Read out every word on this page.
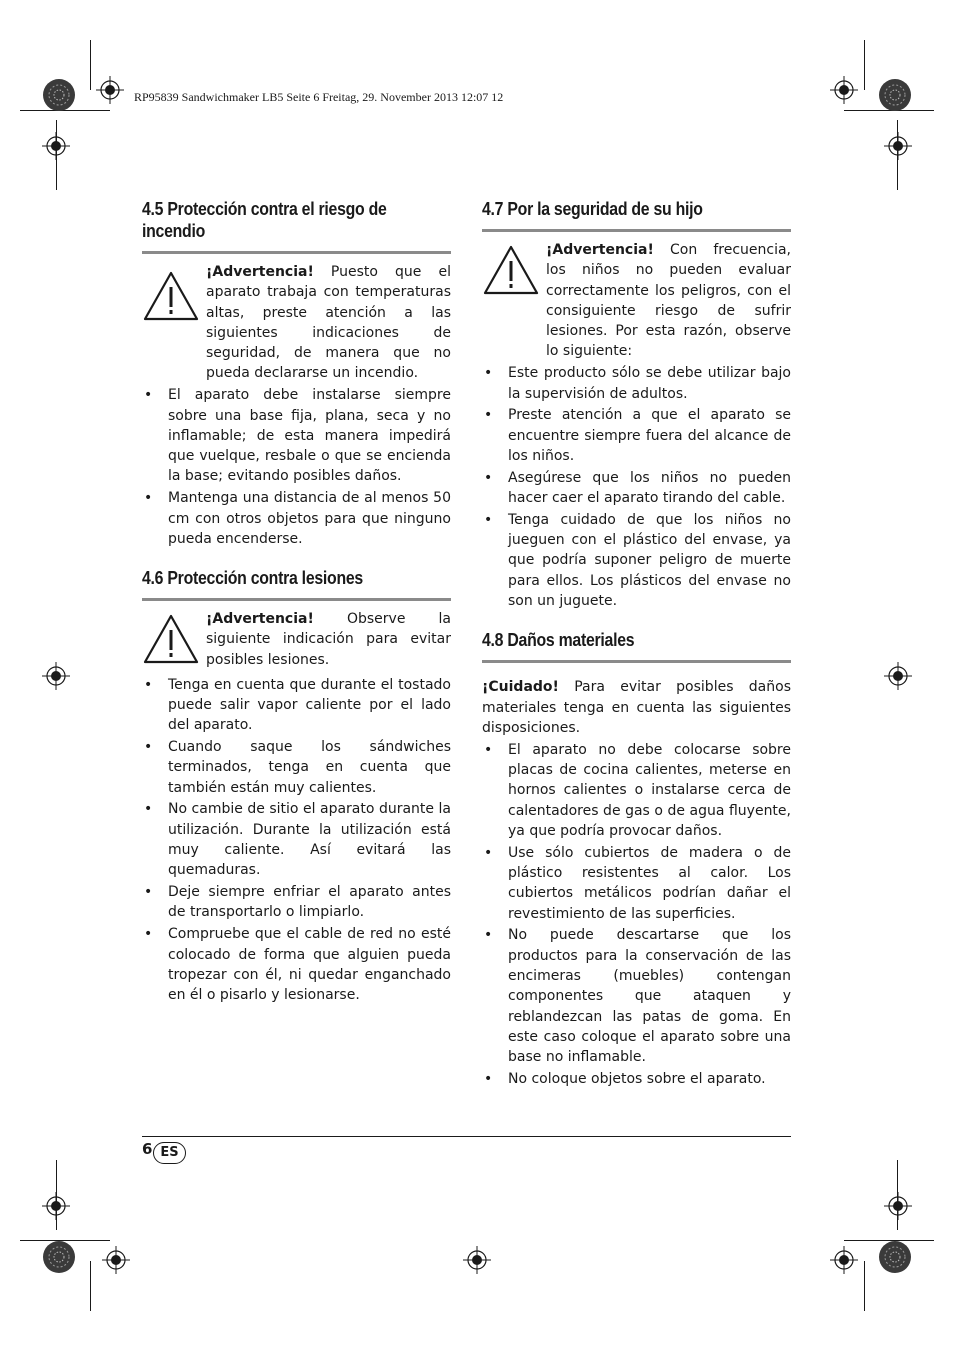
RP95839 Sandwichmaker LB5 Seite 6 Freitag, 29. November 2013 12:07 12
4.5 Protección contra el riesgo de incendio

¡Advertencia! Puesto que el aparato trabaja con temperaturas altas, preste atención a las siguientes indicaciones de seguridad, de manera que no pueda declararse un incendio.

• El aparato debe instalarse siempre sobre una base fija, plana, seca y no inflamable; de esta manera impedirá que vuelque, resbale o que se encienda la base; evitando posibles daños.
• Mantenga una distancia de al menos 50 cm con otros objetos para que ninguno pueda encenderse.
4.6 Protección contra lesiones

¡Advertencia! Observe la siguiente indicación para evitar posibles lesiones.

• Tenga en cuenta que durante el tostado puede salir vapor caliente por el lado del aparato.
• Cuando saque los sándwiches terminados, tenga en cuenta que también están muy calientes.
• No cambie de sitio el aparato durante la utilización. Durante la utilización está muy caliente. Así evitará las quemaduras.
• Deje siempre enfriar el aparato antes de transportarlo o limpiarlo.
• Compruebe que el cable de red no esté colocado de forma que alguien pueda tropezar con él, ni quedar enganchado en él o pisarlo y lesionarse.
4.7 Por la seguridad de su hijo

¡Advertencia! Con frecuencia, los niños no pueden evaluar correctamente los peligros, con el consiguiente riesgo de sufrir lesiones. Por esta razón, observe lo siguiente:

• Este producto sólo se debe utilizar bajo la supervisión de adultos.
• Preste atención a que el aparato se encuentre siempre fuera del alcance de los niños.
• Asegúrese que los niños no pueden hacer caer el aparato tirando del cable.
• Tenga cuidado de que los niños no jueguen con el plástico del envase, ya que podría suponer peligro de muerte para ellos. Los plásticos del envase no son un juguete.
4.8 Daños materiales

¡Cuidado! Para evitar posibles daños materiales tenga en cuenta las siguientes disposiciones.

• El aparato no debe colocarse sobre placas de cocina calientes, meterse en hornos calientes o instalarse cerca de calentadores de gas o de agua fluyente, ya que podría provocar daños.
• Use sólo cubiertos de madera o de plástico resistentes al calor. Los cubiertos metálicos podrían dañar el revestimiento de las superficies.
• No puede descartarse que los productos para la conservación de las encimeras (muebles) contengan componentes que ataquen y reblandezcan las patas de goma. En este caso coloque el aparato sobre una base no inflamable.
• No coloque objetos sobre el aparato.
6 ES
